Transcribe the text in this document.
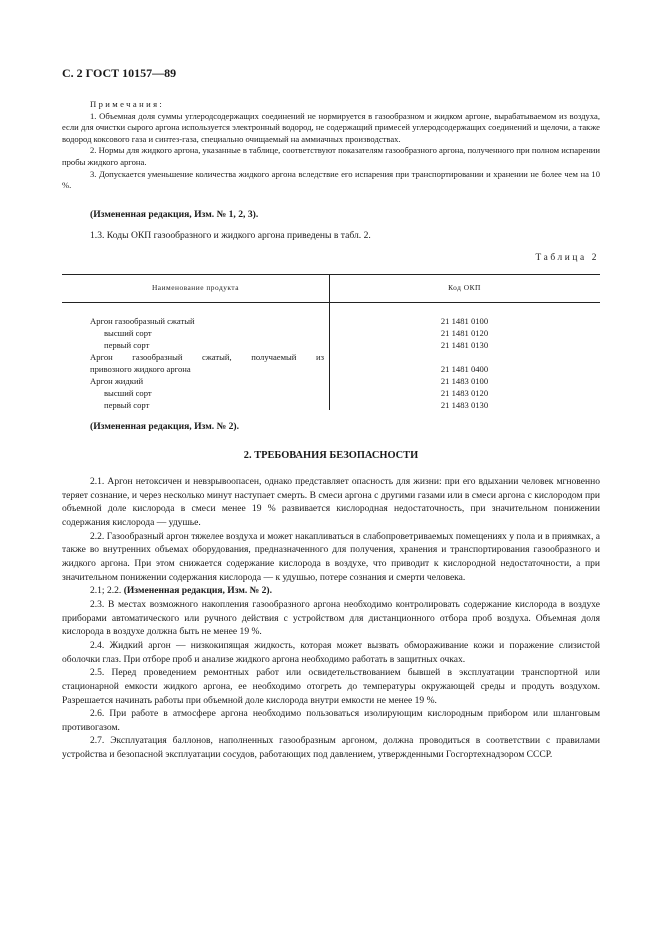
С. 2 ГОСТ 10157—89
Примечания:

1. Объемная доля суммы углеродсодержащих соединений не нормируется в газообразном и жидком аргоне, вырабатываемом из воздуха, если для очистки сырого аргона используется электронный водород, не содержащий примесей углеродсодержащих соединений и щелочи, а также водород коксового газа и синтез-газа, специально очищаемый на аммиачных производствах.

2. Нормы для жидкого аргона, указанные в таблице, соответствуют показателям газообразного аргона, полученного при полном испарении пробы жидкого аргона.

3. Допускается уменьшение количества жидкого аргона вследствие его испарения при транспортировании и хранении не более чем на 10 %.

(Измененная редакция, Изм. № 1, 2, 3).
1.3. Коды ОКП газообразного и жидкого аргона приведены в табл. 2.
Таблица 2
Наименование продукта	Код ОКП
Аргон газообразный сжатый
высший сорт
первый сорт
Аргон газообразный сжатый, получаемый из
привозного жидкого аргона
Аргон жидкий
высший сорт
первый сорт
21 1481 0100
21 1481 0120
21 1481 0130
21 1481 0400
21 1483 0100
21 1483 0120
21 1483 0130
(Измененная редакция, Изм. № 2).
2. ТРЕБОВАНИЯ БЕЗОПАСНОСТИ

2.1. Аргон нетоксичен и невзрывоопасен, однако представляет опасность для жизни: при его вдыхании человек мгновенно теряет сознание, и через несколько минут наступает смерть. В смеси аргона с другими газами или в смеси аргона с кислородом при объемной доле кислорода в смеси менее 19 % развивается кислородная недостаточность, при значительном понижении содержания кислорода — удушье.

2.2. Газообразный аргон тяжелее воздуха и может накапливаться в слабопроветриваемых помещениях у пола и в приямках, а также во внутренних объемах оборудования, предназначенного для получения, хранения и транспортирования газообразного и жидкого аргона. При этом снижается содержание кислорода в воздухе, что приводит к кислородной недостаточности, а при значительном понижении содержания кислорода — к удушью, потере сознания и смерти человека.

2.1; 2.2. (Измененная редакция, Изм. № 2).

2.3. В местах возможного накопления газообразного аргона необходимо контролировать содержание кислорода в воздухе приборами автоматического или ручного действия с устройством для дистанционного отбора проб воздуха. Объемная доля кислорода в воздухе должна быть не менее 19 %.

2.4. Жидкий аргон — низкокипящая жидкость, которая может вызвать обмораживание кожи и поражение слизистой оболочки глаз. При отборе проб и анализе жидкого аргона необходимо работать в защитных очках.

2.5. Перед проведением ремонтных работ или освидетельствованием бывшей в эксплуатации транспортной или стационарной емкости жидкого аргона, ее необходимо отогреть до температуры окружающей среды и продуть воздухом. Разрешается начинать работы при объемной доле кислорода внутри емкости не менее 19 %.

2.6. При работе в атмосфере аргона необходимо пользоваться изолирующим кислородным прибором или шланговым противогазом.

2.7. Эксплуатация баллонов, наполненных газообразным аргоном, должна проводиться в соответствии с правилами устройства и безопасной эксплуатации сосудов, работающих под давлением, утвержденными Госгортехнадзором СССР.
